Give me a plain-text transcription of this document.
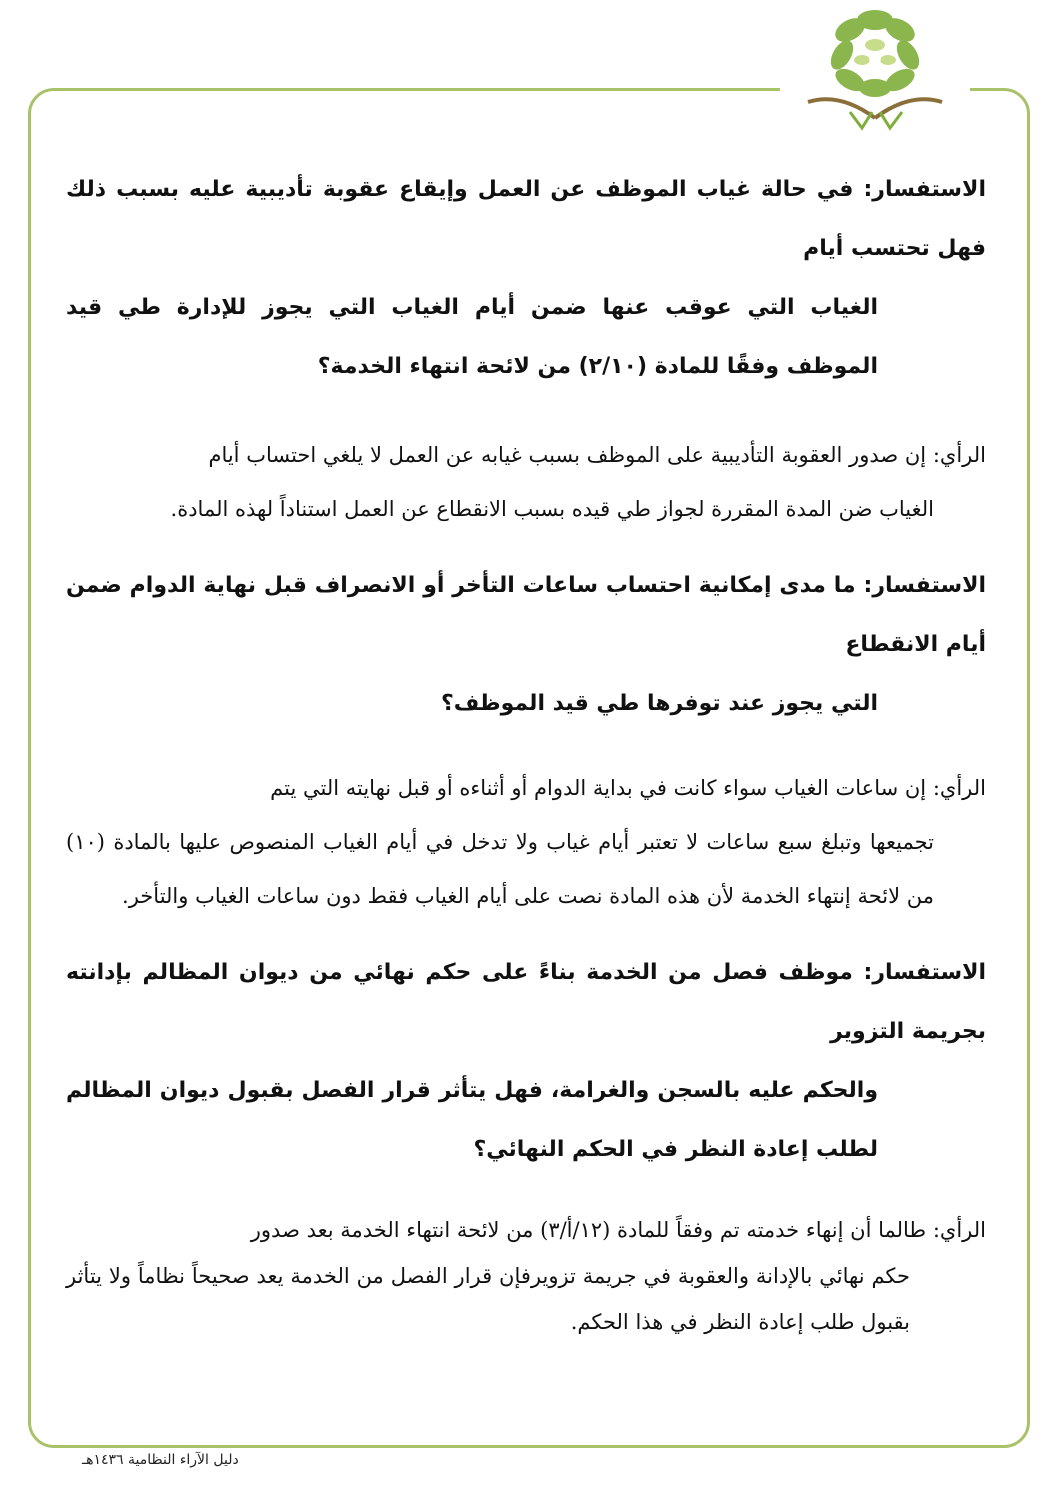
الاستفسار: في حالة غياب الموظف عن العمل وإيقاع عقوبة تأديبية عليه بسبب ذلك فهل تحتسب أيام
الغياب التي عوقب عنها ضمن أيام الغياب التي يجوز للإدارة طي قيد الموظف وفقًا للمادة (٢/١٠) من لائحة انتهاء الخدمة؟

الرأي: إن صدور العقوبة التأديبية على الموظف بسبب غيابه عن العمل لا يلغي احتساب أيام
الغياب ضن المدة المقررة لجواز طي قيده بسبب الانقطاع عن العمل استناداً لهذه المادة.

الاستفسار: ما مدى إمكانية احتساب ساعات التأخر أو الانصراف قبل نهاية الدوام ضمن أيام الانقطاع
التي يجوز عند توفرها طي قيد الموظف؟

الرأي: إن ساعات الغياب سواء كانت في بداية الدوام أو أثناءه أو قبل نهايته التي يتم
تجميعها وتبلغ سبع ساعات لا تعتبر أيام غياب ولا تدخل في أيام الغياب المنصوص عليها بالمادة (١٠) من لائحة إنتهاء الخدمة لأن هذه المادة نصت على أيام الغياب فقط دون ساعات الغياب والتأخر.

الاستفسار: موظف فصل من الخدمة بناءً على حكم نهائي من ديوان المظالم بإدانته بجريمة التزوير
والحكم عليه بالسجن والغرامة، فهل يتأثر قرار الفصل بقبول ديوان المظالم لطلب إعادة النظر في الحكم النهائي؟

الرأي: طالما أن إنهاء خدمته تم وفقاً للمادة (١٢/أ/٣) من لائحة انتهاء الخدمة بعد صدور
حكم نهائي بالإدانة والعقوبة في جريمة تزويرفإن قرار الفصل من الخدمة يعد صحيحاً نظاماً ولا يتأثر بقبول طلب إعادة النظر في هذا الحكم.

دليل الآراء النظامية ١٤٣٦هـ
